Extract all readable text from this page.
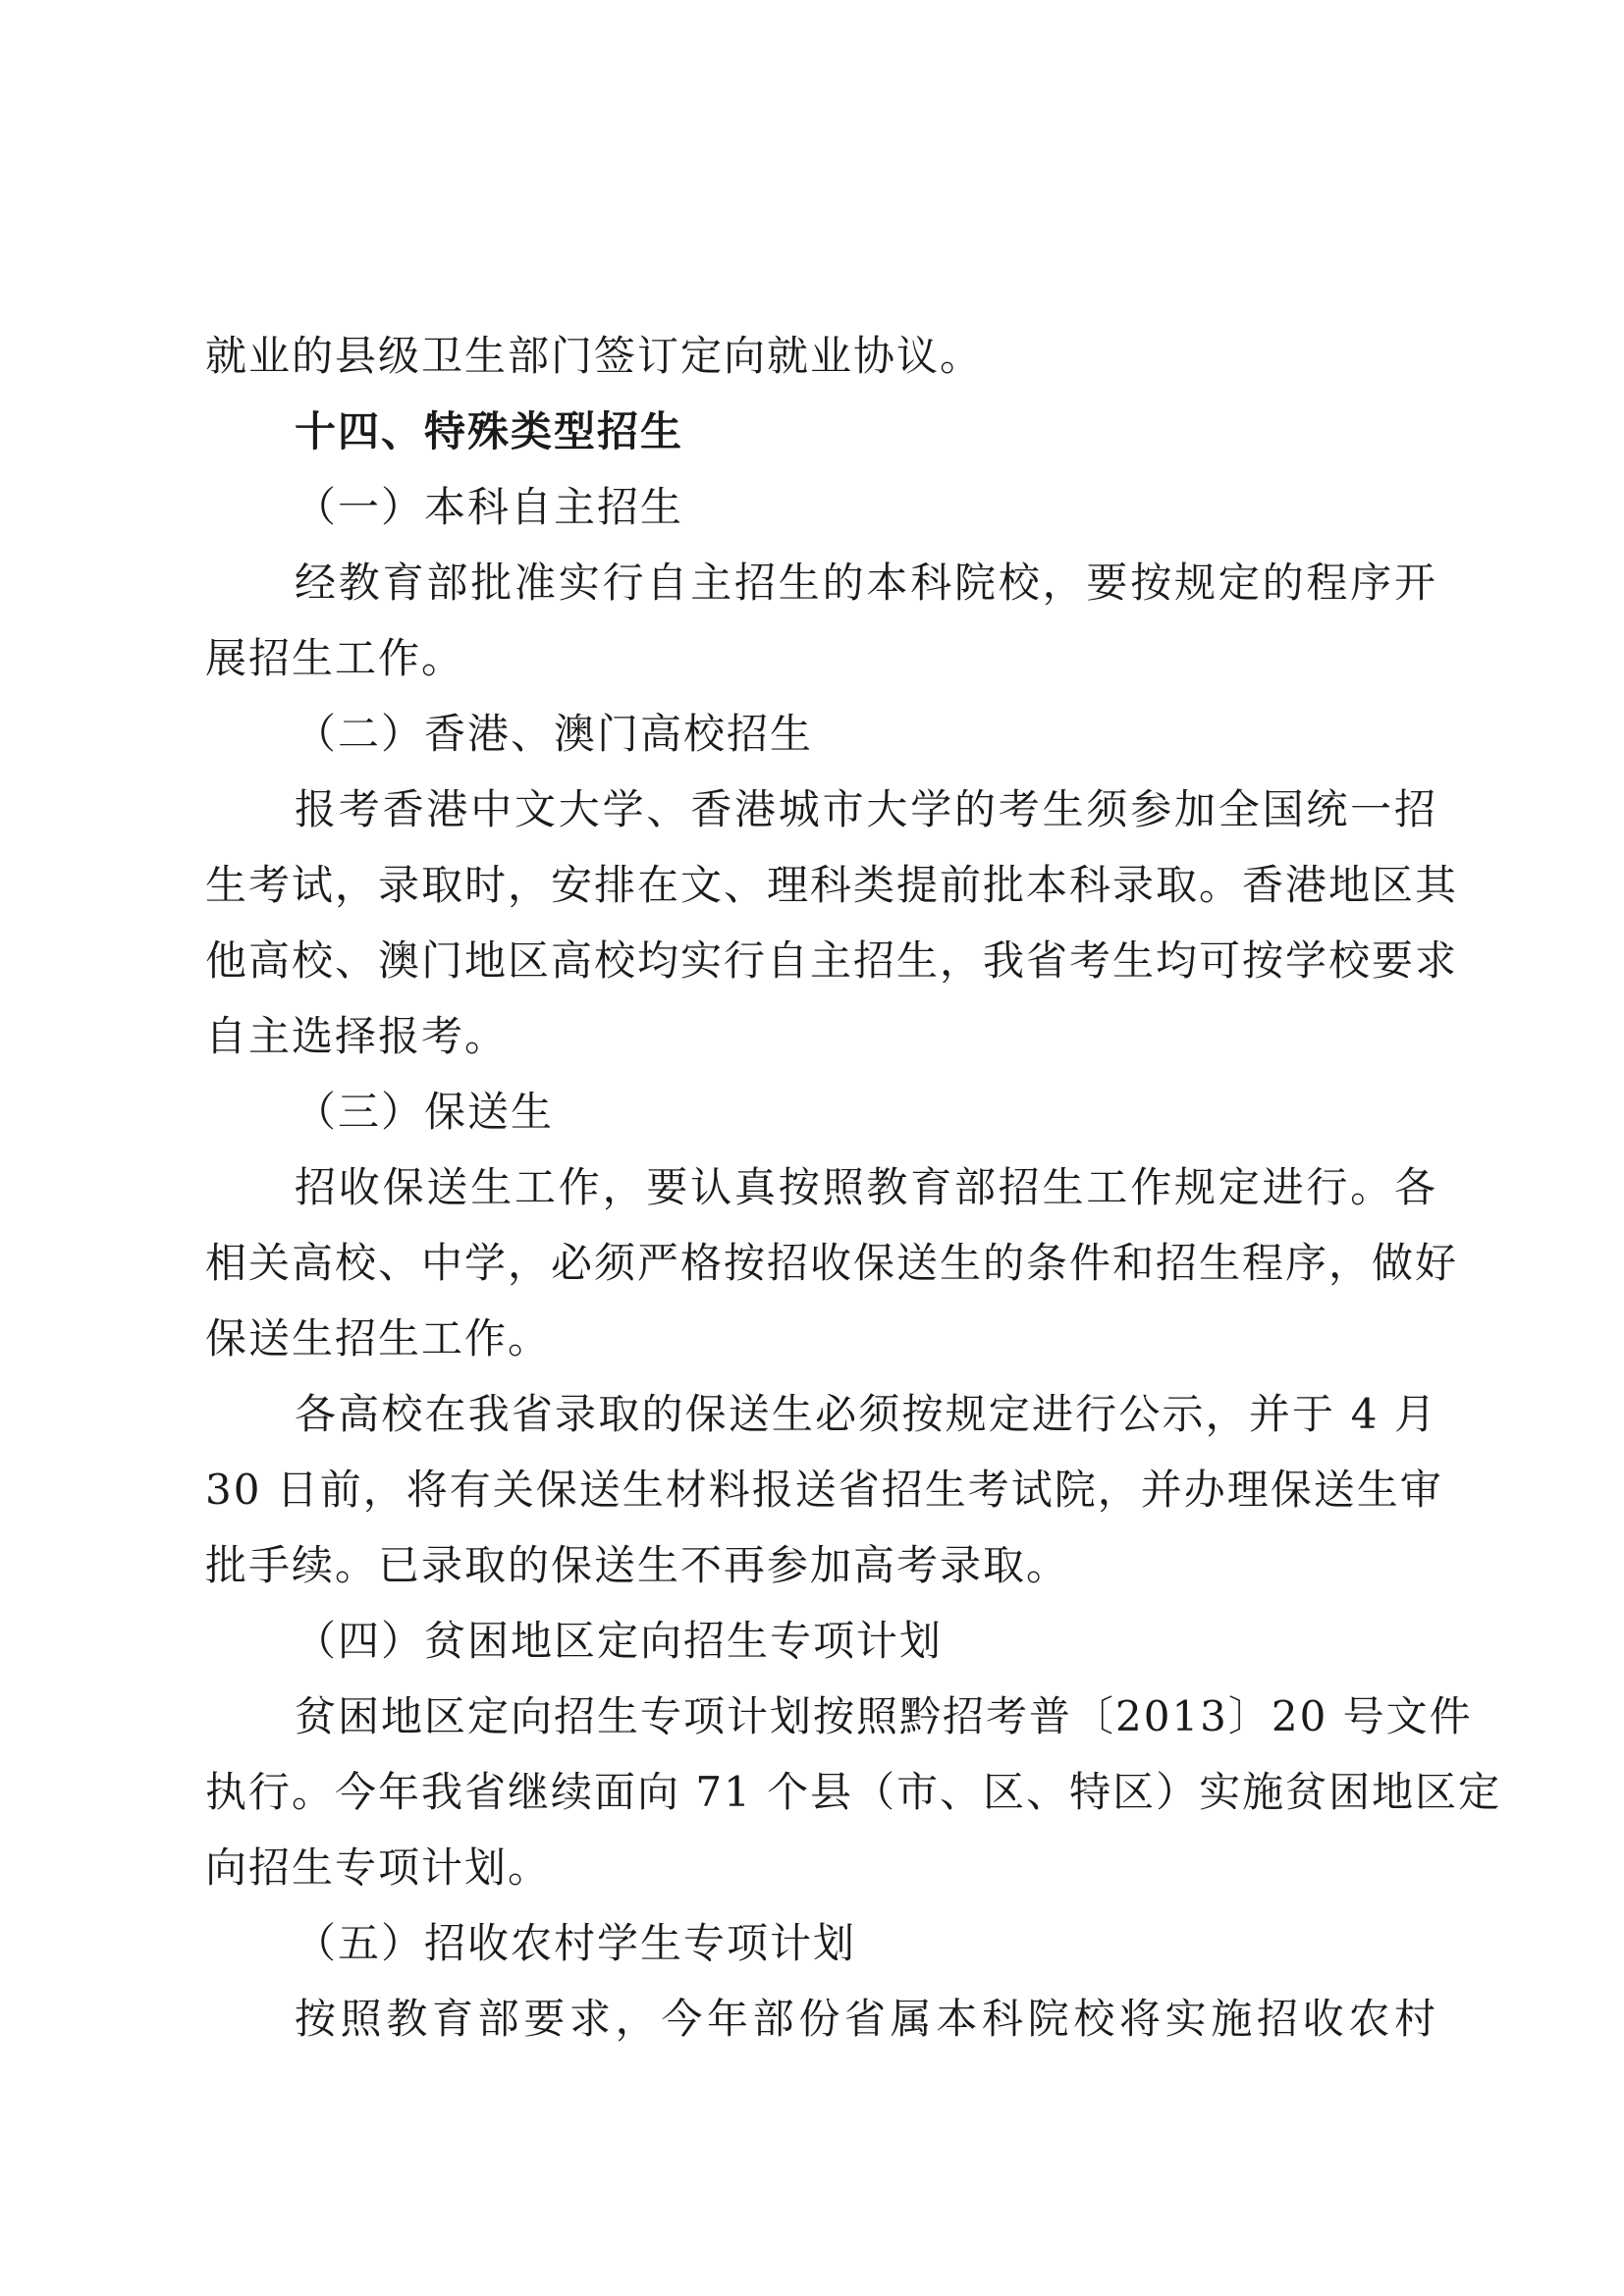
就业的县级卫生部门签订定向就业协议。
十四、特殊类型招生
（一）本科自主招生
经教育部批准实行自主招生的本科院校，要按规定的程序开
展招生工作。
（二）香港、澳门高校招生
报考香港中文大学、香港城市大学的考生须参加全国统一招
生考试，录取时，安排在文、理科类提前批本科录取。香港地区其
他高校、澳门地区高校均实行自主招生，我省考生均可按学校要求
自主选择报考。
（三）保送生
招收保送生工作，要认真按照教育部招生工作规定进行。各
相关高校、中学，必须严格按招收保送生的条件和招生程序，做好
保送生招生工作。
各高校在我省录取的保送生必须按规定进行公示，并于 4 月
30 日前，将有关保送生材料报送省招生考试院，并办理保送生审
批手续。已录取的保送生不再参加高考录取。
（四）贫困地区定向招生专项计划
贫困地区定向招生专项计划按照黔招考普〔2013〕20 号文件
执行。今年我省继续面向 71 个县（市、区、特区）实施贫困地区定
向招生专项计划。
（五）招收农村学生专项计划
按照教育部要求，今年部份省属本科院校将实施招收农村
